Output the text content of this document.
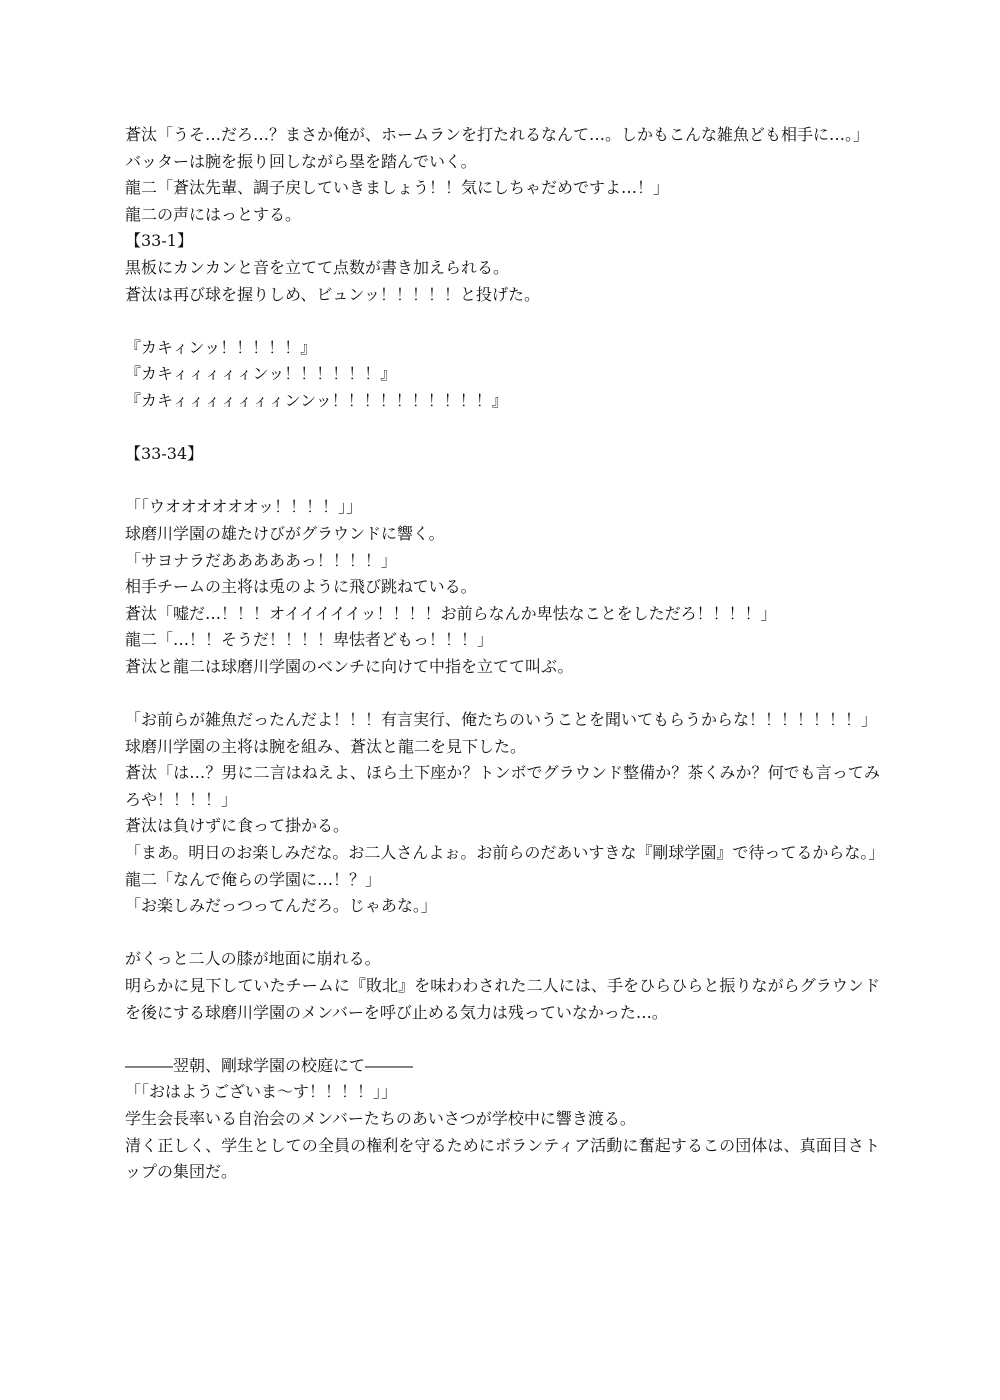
蒼汰「うそ…だろ…？まさか俺が、ホームランを打たれるなんて…。しかもこんな雑魚ども相手に…。」
バッターは腕を振り回しながら塁を踏んでいく。
龍二「蒼汰先輩、調子戻していきましょう！！気にしちゃだめですよ…！」
龍二の声にはっとする。
【33-1】
黒板にカンカンと音を立てて点数が書き加えられる。
蒼汰は再び球を握りしめ、ビュンッ！！！！！と投げた。
『カキィンッ！！！！！』
『カキィィィィィンッ！！！！！！』
『カキィィィィィィィンンッ！！！！！！！！！！』
【33-34】
「「ウオオオオオオッ！！！！」」
球磨川学園の雄たけびがグラウンドに響く。
「サヨナラだあああああっ！！！！」
相手チームの主将は兎のように飛び跳ねている。
蒼汰「嘘だ…！！！オイイイイイッ！！！！お前らなんか卑怯なことをしただろ！！！！」
龍二「…！！そうだ！！！！卑怯者どもっ！！！」
蒼汰と龍二は球磨川学園のベンチに向けて中指を立てて叫ぶ。
「お前らが雑魚だったんだよ！！！有言実行、俺たちのいうことを聞いてもらうからな！！！！！！！」
球磨川学園の主将は腕を組み、蒼汰と龍二を見下した。
蒼汰「は…？男に二言はねえよ、ほら土下座か？トンボでグラウンド整備か？茶くみか？何でも言ってみろや！！！！」
蒼汰は負けずに食って掛かる。
「まあ。明日のお楽しみだな。お二人さんよぉ。お前らのだあいすきな『剛球学園』で待ってるからな。」
龍二「なんで俺らの学園に…！？」
「お楽しみだっつってんだろ。じゃあな。」
がくっと二人の膝が地面に崩れる。
明らかに見下していたチームに『敗北』を味わわされた二人には、手をひらひらと振りながらグラウンドを後にする球磨川学園のメンバーを呼び止める気力は残っていなかった…。
―――翌朝、剛球学園の校庭にて―――
「「おはようございま～す！！！！」」
学生会長率いる自治会のメンバーたちのあいさつが学校中に響き渡る。
清く正しく、学生としての全員の権利を守るためにボランティア活動に奮起するこの団体は、真面目さトップの集団だ。
